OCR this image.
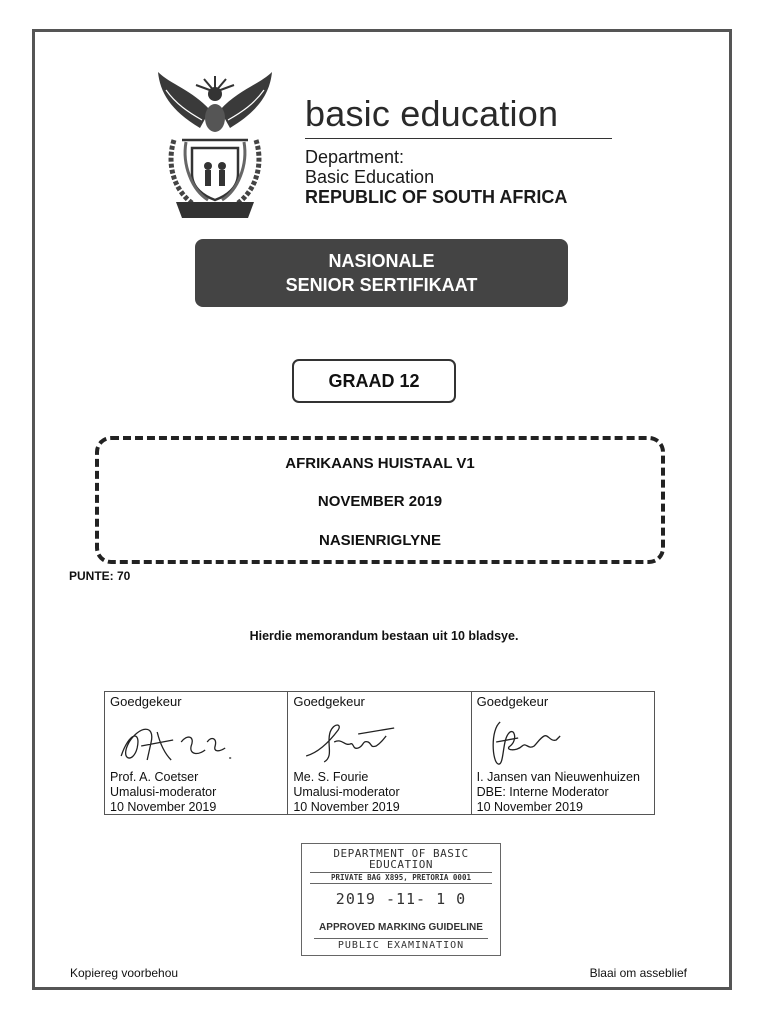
basic education
Department:
Basic Education
REPUBLIC OF SOUTH AFRICA
NASIONALE
SENIOR SERTIFIKAAT
GRAAD 12
AFRIKAANS HUISTAAL V1
NOVEMBER 2019
NASIENRIGLYNE
PUNTE: 70
Hierdie memorandum bestaan uit 10 bladsye.
Goedgekeur
Prof. A. Coetser
Umalusi-moderator
10 November 2019
Goedgekeur
Me. S. Fourie
Umalusi-moderator
10 November 2019
Goedgekeur
I. Jansen van Nieuwenhuizen
DBE: Interne Moderator
10 November 2019
DEPARTMENT OF BASIC
EDUCATION
PRIVATE BAG X895, PRETORIA 0001
2019 -11- 1 0
APPROVED MARKING GUIDELINE
PUBLIC EXAMINATION
Kopiereg voorbehou	Blaai om asseblief
